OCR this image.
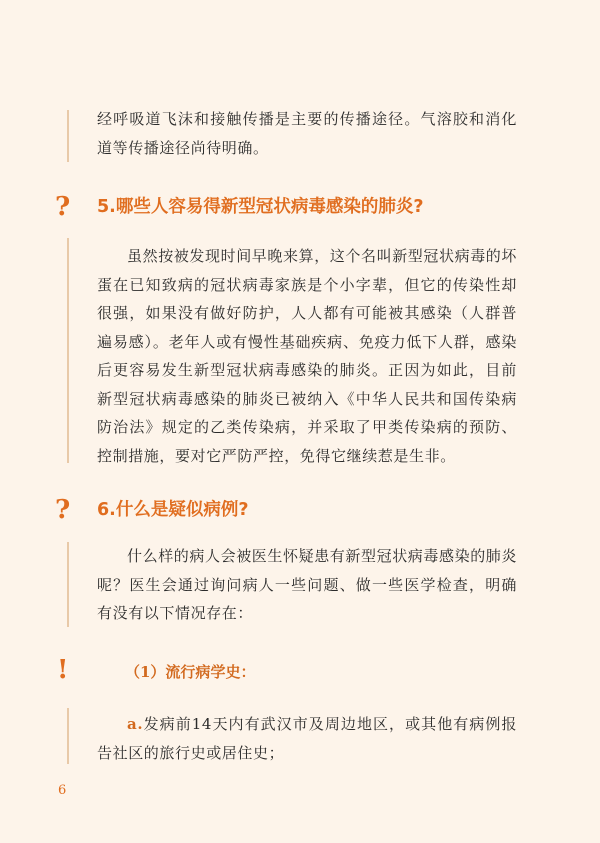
经呼吸道飞沫和接触传播是主要的传播途径。气溶胶和消化道等传播途径尚待明确。

? 5.哪些人容易得新型冠状病毒感染的肺炎?

虽然按被发现时间早晚来算，这个名叫新型冠状病毒的坏蛋在已知致病的冠状病毒家族是个小字辈，但它的传染性却很强，如果没有做好防护，人人都有可能被其感染（人群普遍易感）。老年人或有慢性基础疾病、免疫力低下人群，感染后更容易发生新型冠状病毒感染的肺炎。正因为如此，目前新型冠状病毒感染的肺炎已被纳入《中华人民共和国传染病防治法》规定的乙类传染病，并采取了甲类传染病的预防、控制措施，要对它严防严控，免得它继续惹是生非。

? 6.什么是疑似病例?

什么样的病人会被医生怀疑患有新型冠状病毒感染的肺炎呢？医生会通过询问病人一些问题、做一些医学检查，明确有没有以下情况存在：

!	（1）流行病学史：

a.发病前14天内有武汉市及周边地区，或其他有病例报告社区的旅行史或居住史；

6
